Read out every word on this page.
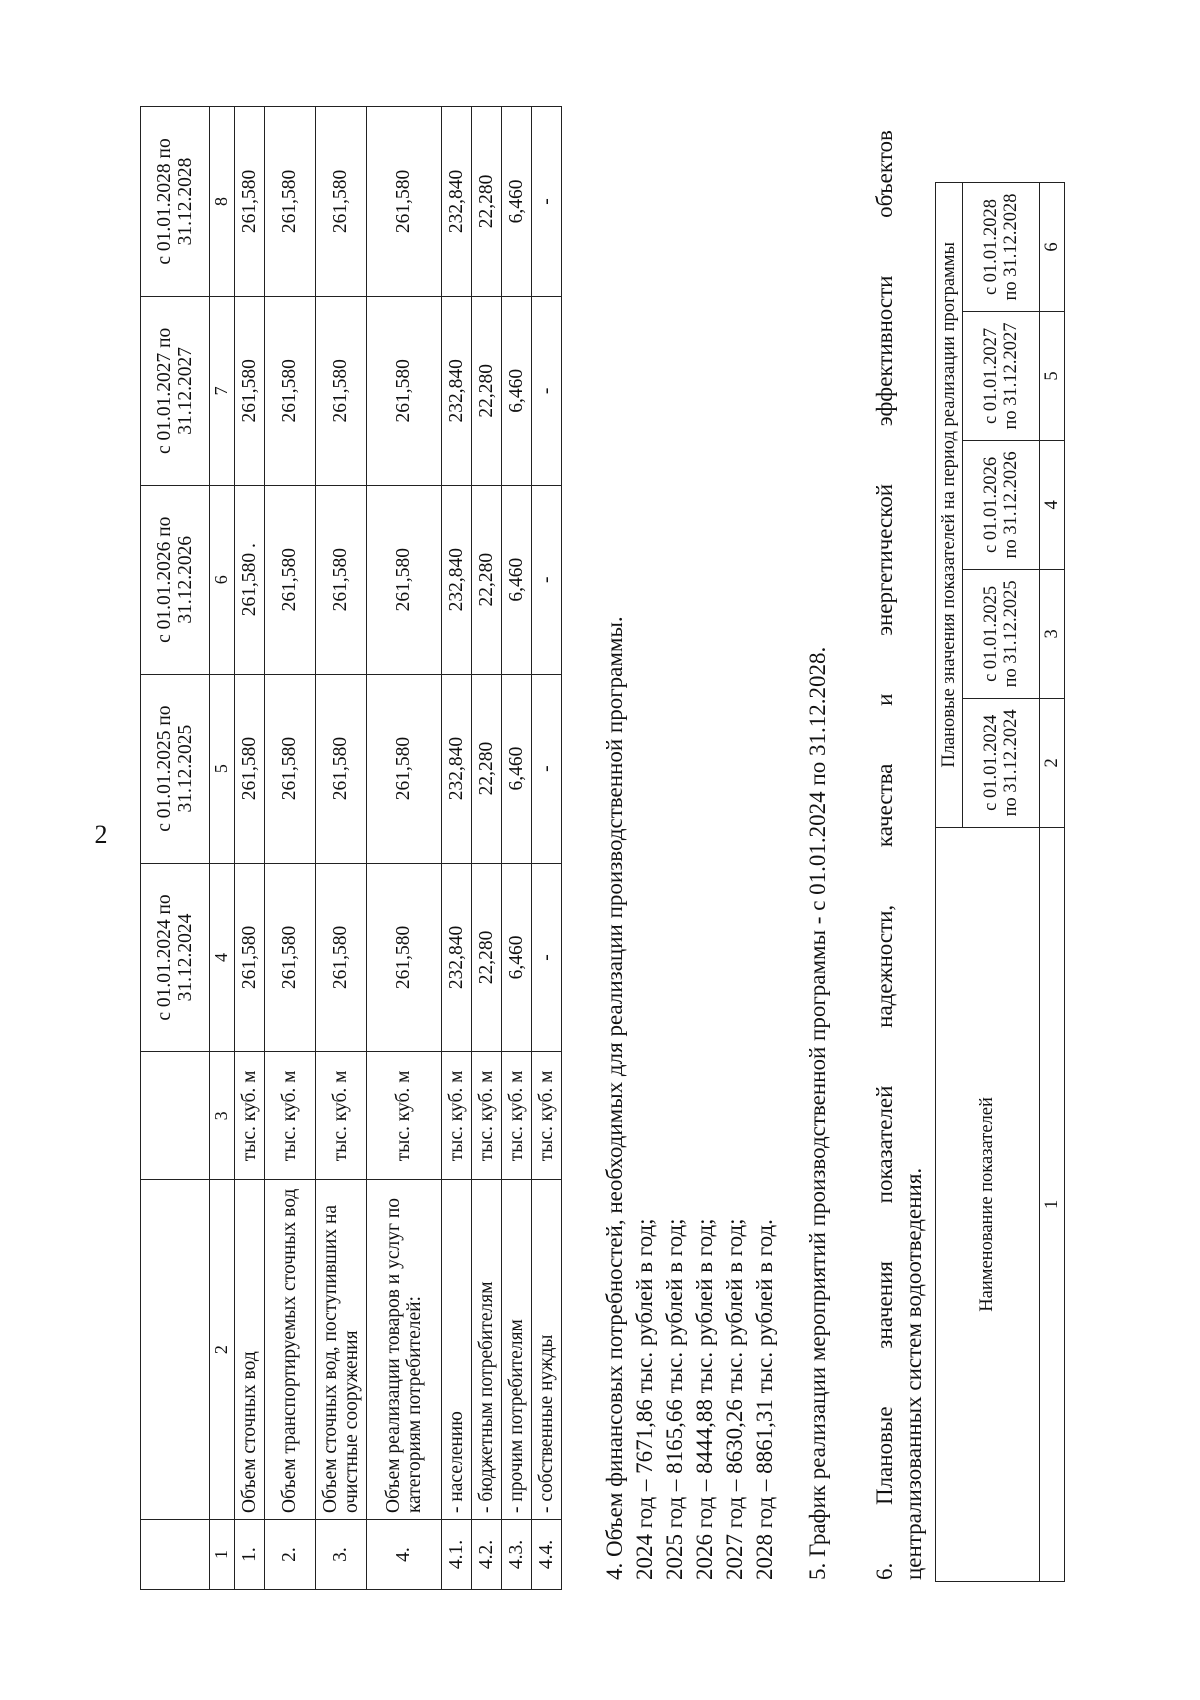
2
			с 01.01.2024 по 31.12.2024	с 01.01.2025 по 31.12.2025	с 01.01.2026 по 31.12.2026	с 01.01.2027 по 31.12.2027	с 01.01.2028 по 31.12.2028
1	2	3	4	5	6	7	8
1.	Объем сточных вод	тыс. куб. м	261,580	261,580	261,580 .	261,580	261,580
2.	Объем транспортируемых сточных вод	тыс. куб. м	261,580	261,580	261,580	261,580	261,580
3.	Объем сточных вод, поступивших на очистные сооружения	тыс. куб. м	261,580	261,580	261,580	261,580	261,580
4.	Объем реализации товаров и услуг по категориям потребителей:	тыс. куб. м	261,580	261,580	261,580	261,580	261,580
4.1.	- населению	тыс. куб. м	232,840	232,840	232,840	232,840	232,840
4.2.	- бюджетным потребителям	тыс. куб. м	22,280	22,280	22,280	22,280	22,280
4.3.	- прочим потребителям	тыс. куб. м	6,460	6,460	6,460	6,460	6,460
4.4.	- собственные нужды	тыс. куб. м	-	-	-	-	-
4. Объем финансовых потребностей, необходимых для реализации производственной программы. 2024 год – 7671,86 тыс. рублей в год; 2025 год – 8165,66 тыс. рублей в год; 2026 год – 8444,88 тыс. рублей в год; 2027 год – 8630,26 тыс. рублей в год; 2028 год – 8861,31 тыс. рублей в год. 5. График реализации мероприятий производственной программы - с 01.01.2024 по 31.12.2028. 6.
Плановые
значения
показателей
надежности,
качества
и
энергетической
эффективности
объектов
централизованных систем водоотведения.	Наименование показателей	Плановые значения показателей на период реализации программы				
	с 01.01.2024 по 31.12.2024	с 01.01.2025 по 31.12.2025	с 01.01.2026 по 31.12.2026	с 01.01.2027 по 31.12.2027	с 01.01.2028 по 31.12.2028
1	2	3	4	5	6
